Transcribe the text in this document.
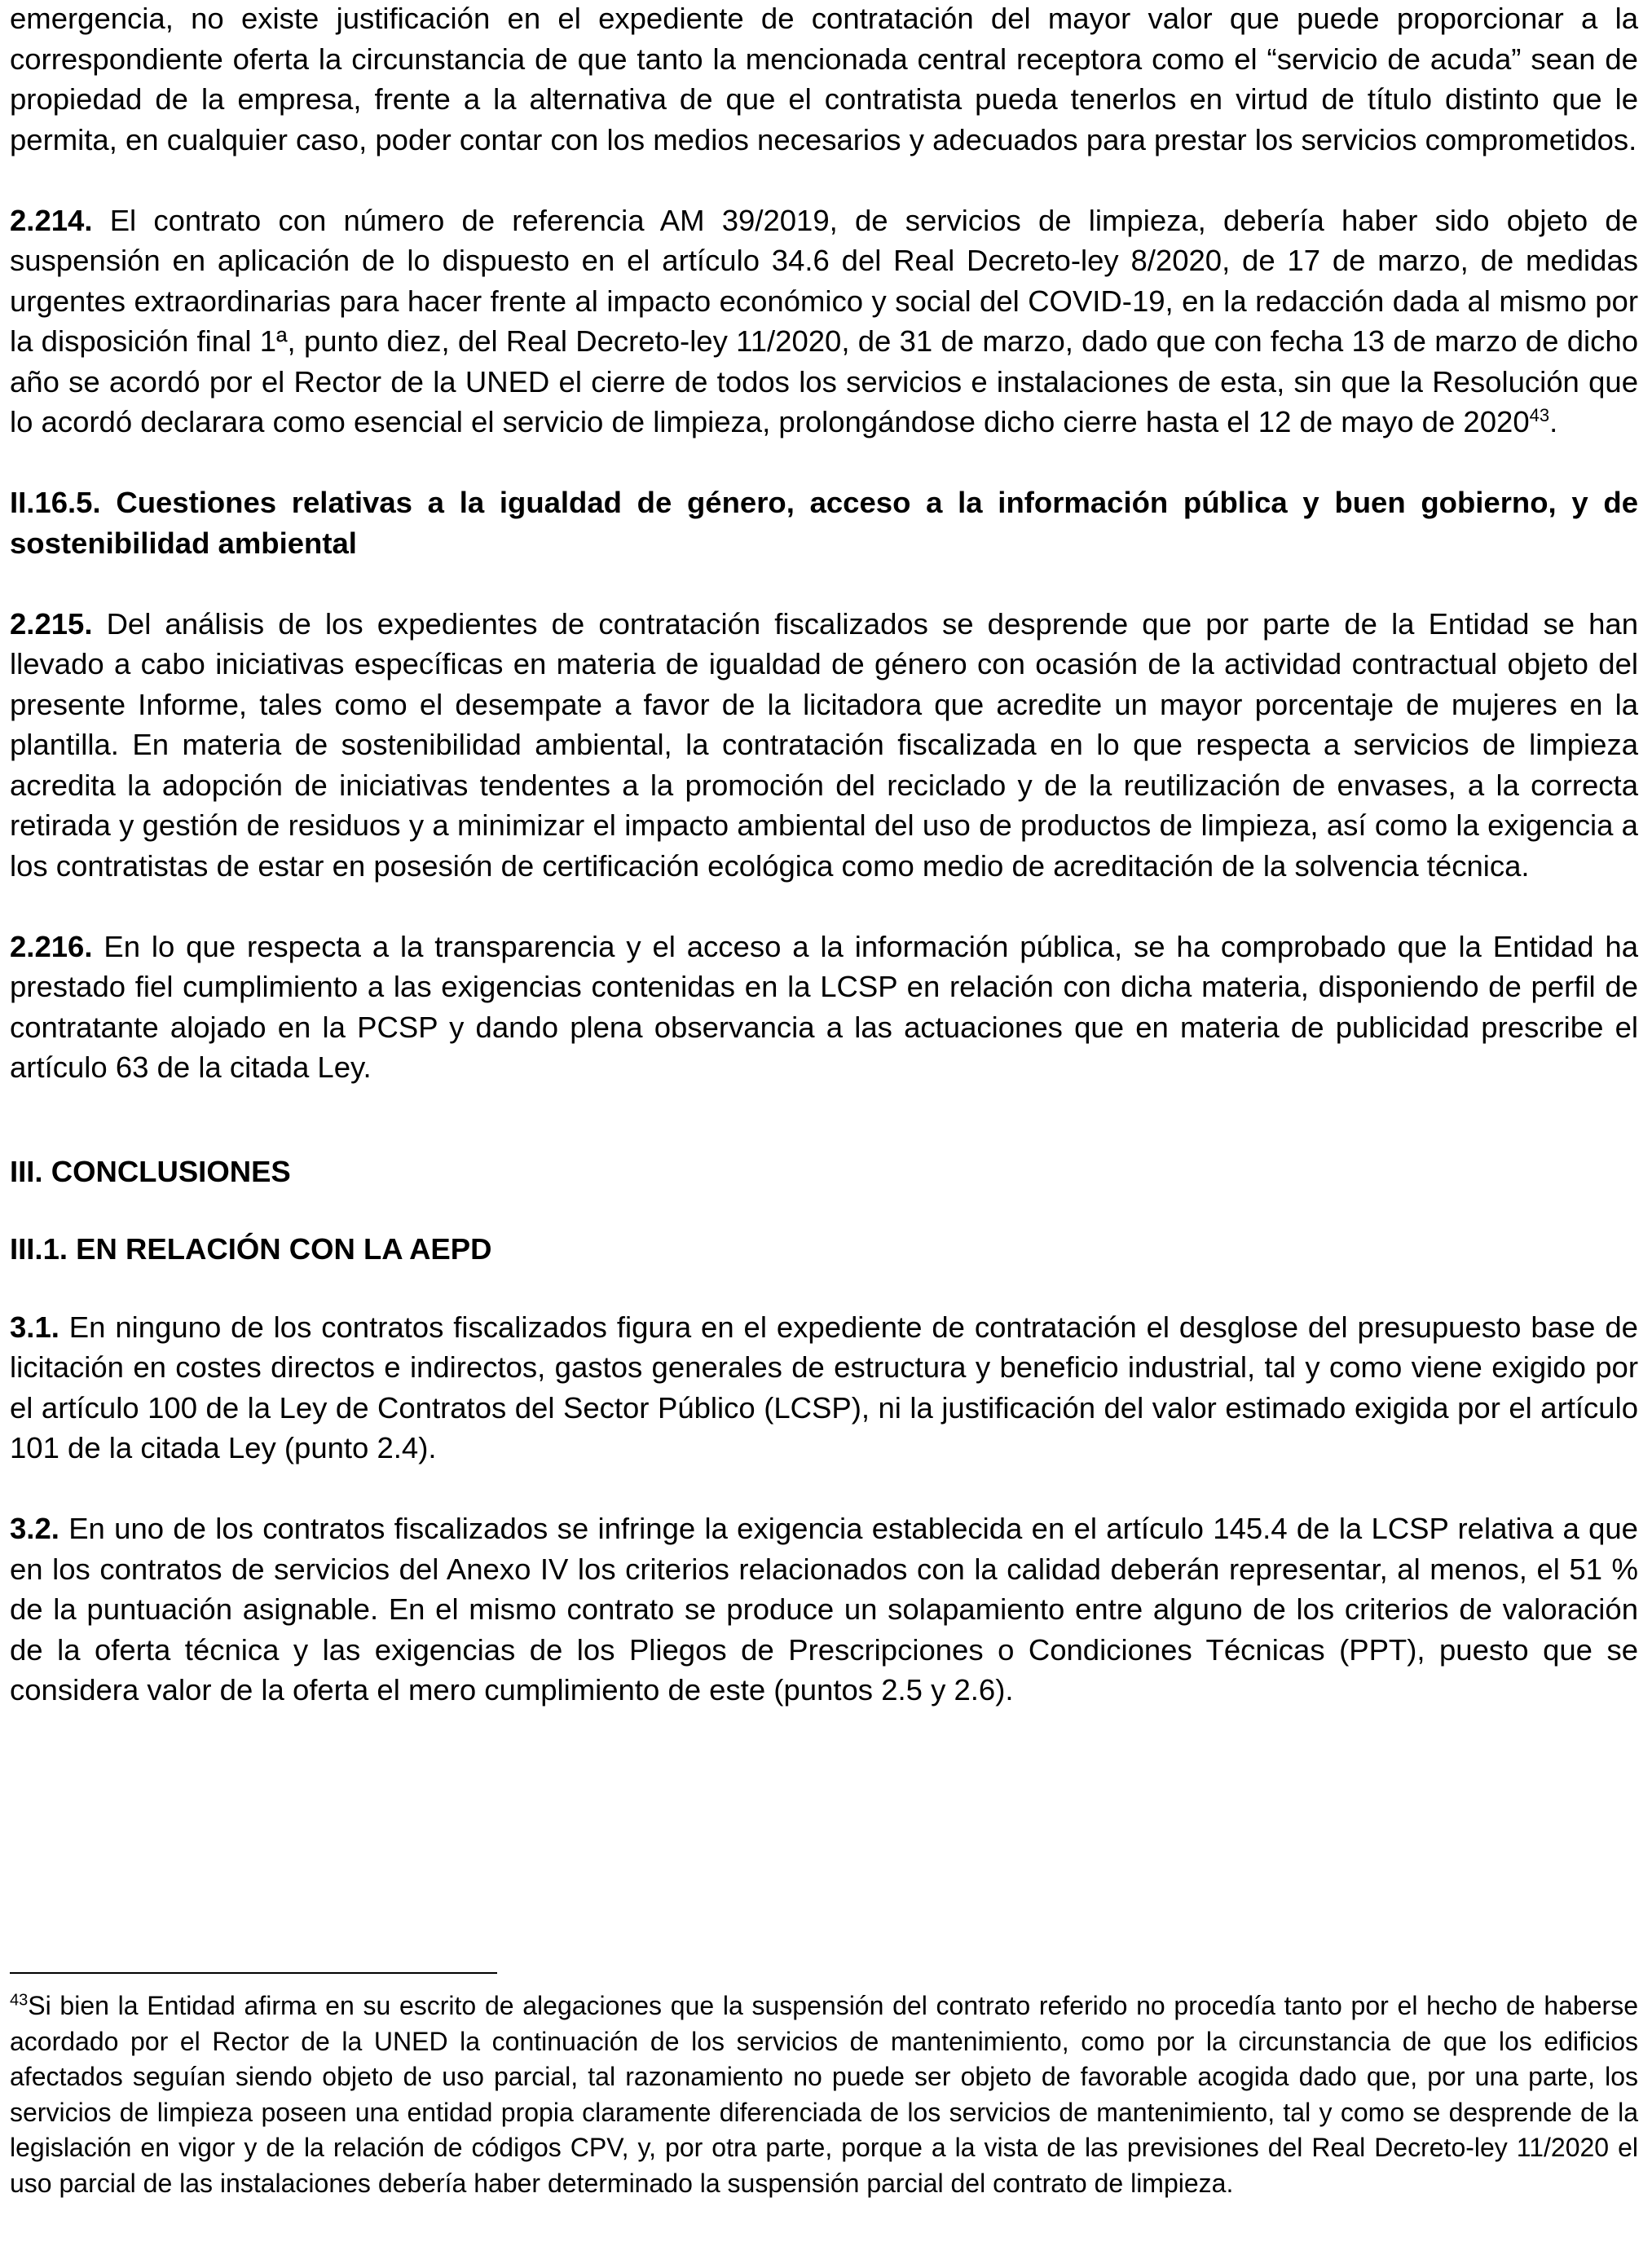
emergencia, no existe justificación en el expediente de contratación del mayor valor que puede proporcionar a la correspondiente oferta la circunstancia de que tanto la mencionada central receptora como el “servicio de acuda” sean de propiedad de la empresa, frente a la alternativa de que el contratista pueda tenerlos en virtud de título distinto que le permita, en cualquier caso, poder contar con los medios necesarios y adecuados para prestar los servicios comprometidos.

2.214. El contrato con número de referencia AM 39/2019, de servicios de limpieza, debería haber sido objeto de suspensión en aplicación de lo dispuesto en el artículo 34.6 del Real Decreto-ley 8/2020, de 17 de marzo, de medidas urgentes extraordinarias para hacer frente al impacto económico y social del COVID-19, en la redacción dada al mismo por la disposición final 1ª, punto diez, del Real Decreto-ley 11/2020, de 31 de marzo, dado que con fecha 13 de marzo de dicho año se acordó por el Rector de la UNED el cierre de todos los servicios e instalaciones de esta, sin que la Resolución que lo acordó declarara como esencial el servicio de limpieza, prolongándose dicho cierre hasta el 12 de mayo de 2020$^{43}$.

II.16.5. Cuestiones relativas a la igualdad de género, acceso a la información pública y buen gobierno, y de sostenibilidad ambiental

2.215. Del análisis de los expedientes de contratación fiscalizados se desprende que por parte de la Entidad se han llevado a cabo iniciativas específicas en materia de igualdad de género con ocasión de la actividad contractual objeto del presente Informe, tales como el desempate a favor de la licitadora que acredite un mayor porcentaje de mujeres en la plantilla. En materia de sostenibilidad ambiental, la contratación fiscalizada en lo que respecta a servicios de limpieza acredita la adopción de iniciativas tendentes a la promoción del reciclado y de la reutilización de envases, a la correcta retirada y gestión de residuos y a minimizar el impacto ambiental del uso de productos de limpieza, así como la exigencia a los contratistas de estar en posesión de certificación ecológica como medio de acreditación de la solvencia técnica.

2.216. En lo que respecta a la transparencia y el acceso a la información pública, se ha comprobado que la Entidad ha prestado fiel cumplimiento a las exigencias contenidas en la LCSP en relación con dicha materia, disponiendo de perfil de contratante alojado en la PCSP y dando plena observancia a las actuaciones que en materia de publicidad prescribe el artículo 63 de la citada Ley.

III. CONCLUSIONES

III.1. EN RELACIÓN CON LA AEPD

3.1. En ninguno de los contratos fiscalizados figura en el expediente de contratación el desglose del presupuesto base de licitación en costes directos e indirectos, gastos generales de estructura y beneficio industrial, tal y como viene exigido por el artículo 100 de la Ley de Contratos del Sector Público (LCSP), ni la justificación del valor estimado exigida por el artículo 101 de la citada Ley (punto 2.4).

3.2. En uno de los contratos fiscalizados se infringe la exigencia establecida en el artículo 145.4 de la LCSP relativa a que en los contratos de servicios del Anexo IV los criterios relacionados con la calidad deberán representar, al menos, el 51 % de la puntuación asignable. En el mismo contrato se produce un solapamiento entre alguno de los criterios de valoración de la oferta técnica y las exigencias de los Pliegos de Prescripciones o Condiciones Técnicas (PPT), puesto que se considera valor de la oferta el mero cumplimiento de este (puntos 2.5 y 2.6).

$^{43}$Si bien la Entidad afirma en su escrito de alegaciones que la suspensión del contrato referido no procedía tanto por el hecho de haberse acordado por el Rector de la UNED la continuación de los servicios de mantenimiento, como por la circunstancia de que los edificios afectados seguían siendo objeto de uso parcial, tal razonamiento no puede ser objeto de favorable acogida dado que, por una parte, los servicios de limpieza poseen una entidad propia claramente diferenciada de los servicios de mantenimiento, tal y como se desprende de la legislación en vigor y de la relación de códigos CPV, y, por otra parte, porque a la vista de las previsiones del Real Decreto-ley 11/2020 el uso parcial de las instalaciones debería haber determinado la suspensión parcial del contrato de limpieza.
